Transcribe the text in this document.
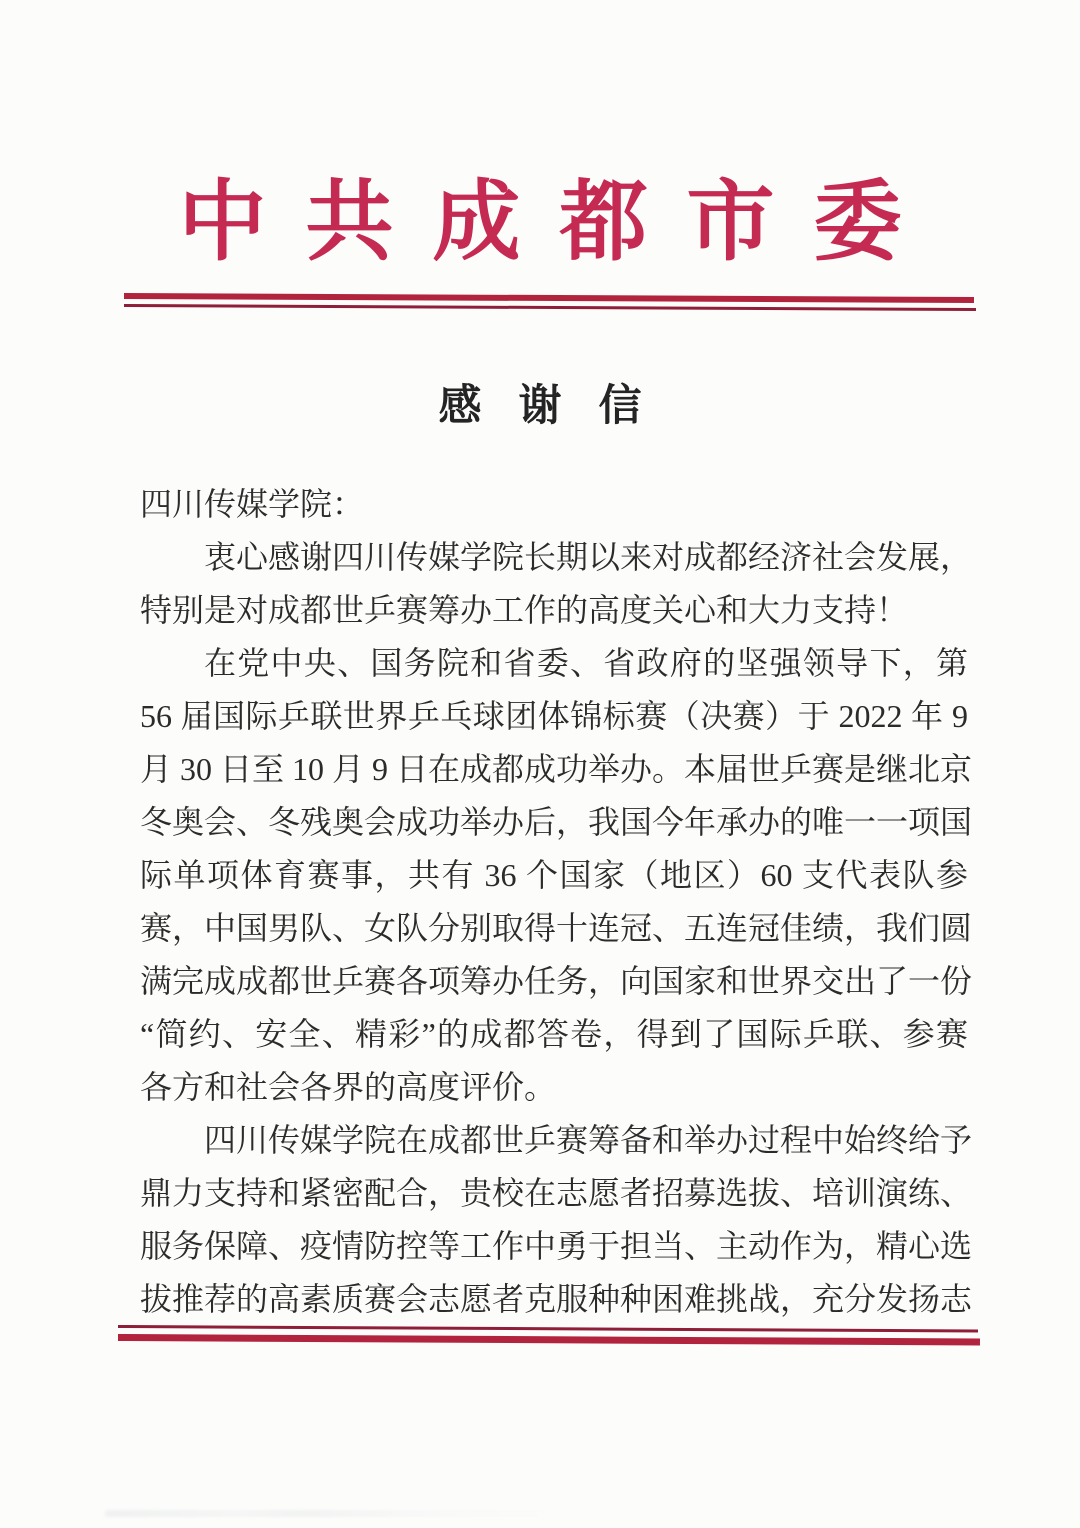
中共成都市委
感谢信
四川传媒学院：
衷心感谢四川传媒学院长期以来对成都经济社会发展，
特别是对成都世乒赛筹办工作的高度关心和大力支持！
在党中央、国务院和省委、省政府的坚强领导下，第
56 届国际乒联世界乒乓球团体锦标赛（决赛）于 2022 年 9
月 30 日至 10 月 9 日在成都成功举办。本届世乒赛是继北京
冬奥会、冬残奥会成功举办后，我国今年承办的唯一一项国
际单项体育赛事，共有 36 个国家（地区）60 支代表队参
赛，中国男队、女队分别取得十连冠、五连冠佳绩，我们圆
满完成成都世乒赛各项筹办任务，向国家和世界交出了一份
“简约、安全、精彩”的成都答卷，得到了国际乒联、参赛
各方和社会各界的高度评价。
四川传媒学院在成都世乒赛筹备和举办过程中始终给予
鼎力支持和紧密配合，贵校在志愿者招募选拔、培训演练、
服务保障、疫情防控等工作中勇于担当、主动作为，精心选
拔推荐的高素质赛会志愿者克服种种困难挑战，充分发扬志
